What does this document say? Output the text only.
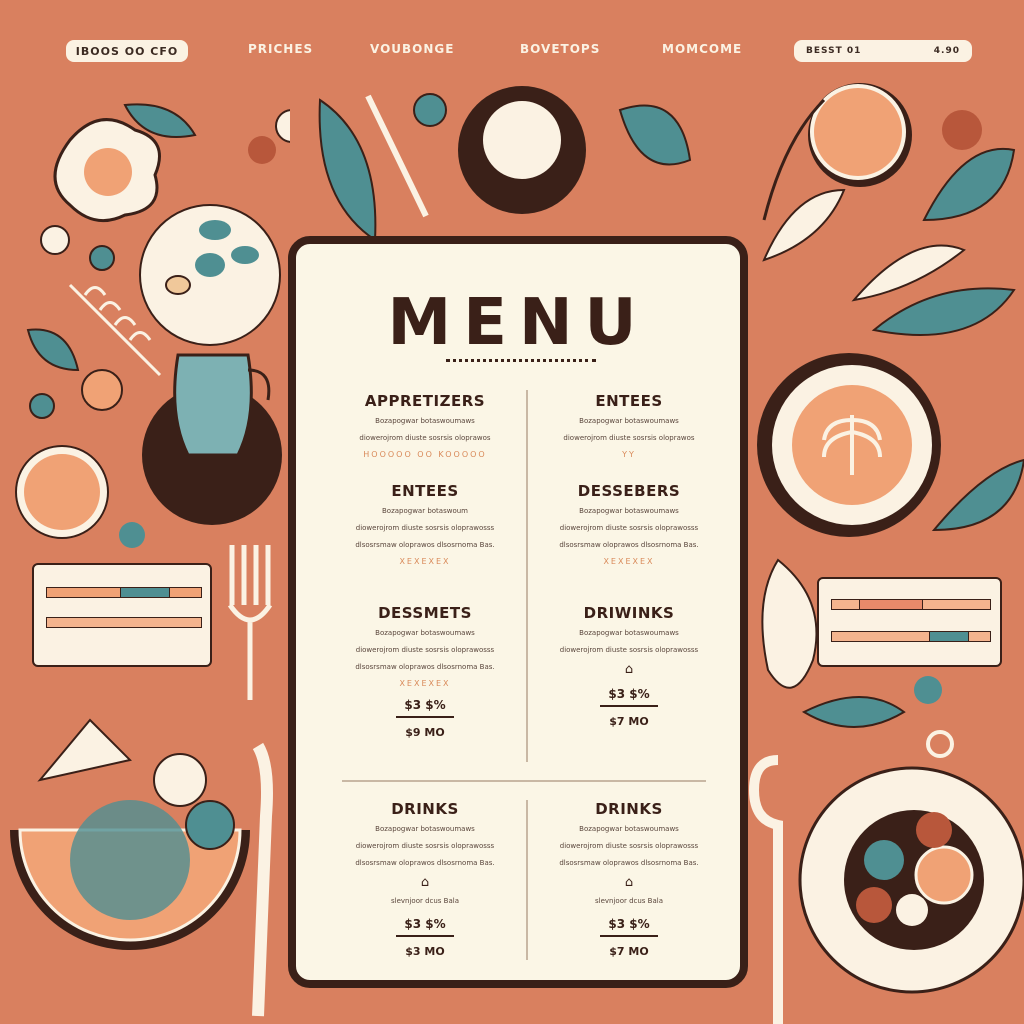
IBOOS OO CFO	PRICHES	VOUBONGE	BOVETOPS	MOMCOME	BESST 01	4.90
MENU
APPRETIZERS
Bozapogwar botaswoumaws
diowerojrom diuste sosrsis oloprawos
HOOOOO OO KOOOOO
ENTEES
Bozapogwar botaswoumaws
diowerojrom diuste sosrsis oloprawos
YY
ENTEES
Bozapogwar botaswoum
diowerojrom diuste sosrsis oloprawosss
dlsosrsmaw oloprawos dlsosrnoma Bas.
XEXEXEX
DESSEBERS
Bozapogwar botaswoumaws
diowerojrom diuste sosrsis oloprawosss
dlsosrsmaw oloprawos dlsosrnoma Bas.
XEXEXEX
DESSMETS
Bozapogwar botaswoumaws
diowerojrom diuste sosrsis oloprawosss
dlsosrsmaw oloprawos dlsosrnoma Bas.
XEXEXEX
$3 $%
$9 MO
DRIWINKS
Bozapogwar botaswoumaws
diowerojrom diuste sosrsis oloprawosss
⌂
$3 $%
$7 MO
DRINKS
Bozapogwar botaswoumaws
diowerojrom diuste sosrsis oloprawosss
dlsosrsmaw oloprawos dlsosrnoma Bas.
⌂
slevnjoor dcus Bala
$3 $%
$3 MO
DRINKS
Bozapogwar botaswoumaws
diowerojrom diuste sosrsis oloprawosss
dlsosrsmaw oloprawos dlsosrnoma Bas.
⌂
slevnjoor dcus Bala
$3 $%
$7 MO
